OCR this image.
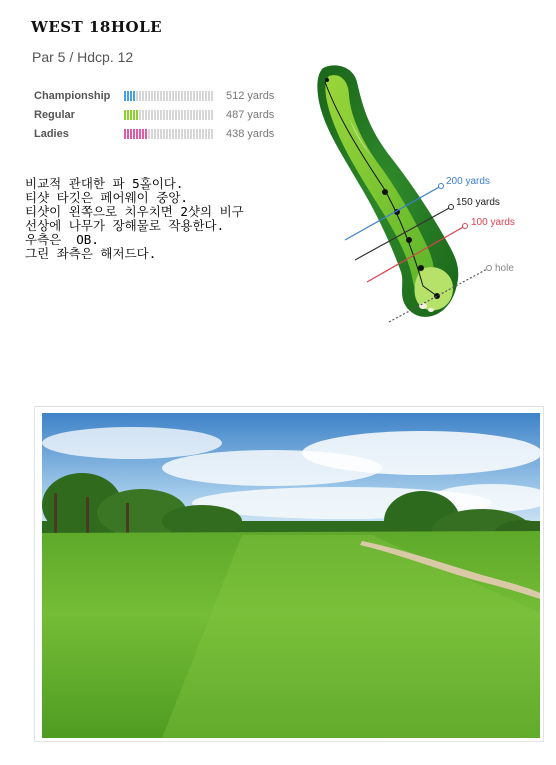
WEST 18HOLE
Par 5 / Hdcp. 12
Championship	512 yards
Regular	487 yards
Ladies	438 yards
비교적 관대한 파 5홀이다.
티샷 타깃은 페어웨이 중앙.
티샷이 왼쪽으로 치우치면 2샷의 비구
선상에 나무가 장해물로 작용한다.
우측은  OB.
그린 좌측은 해저드다.
200 yards
150 yards
100 yards
hole
